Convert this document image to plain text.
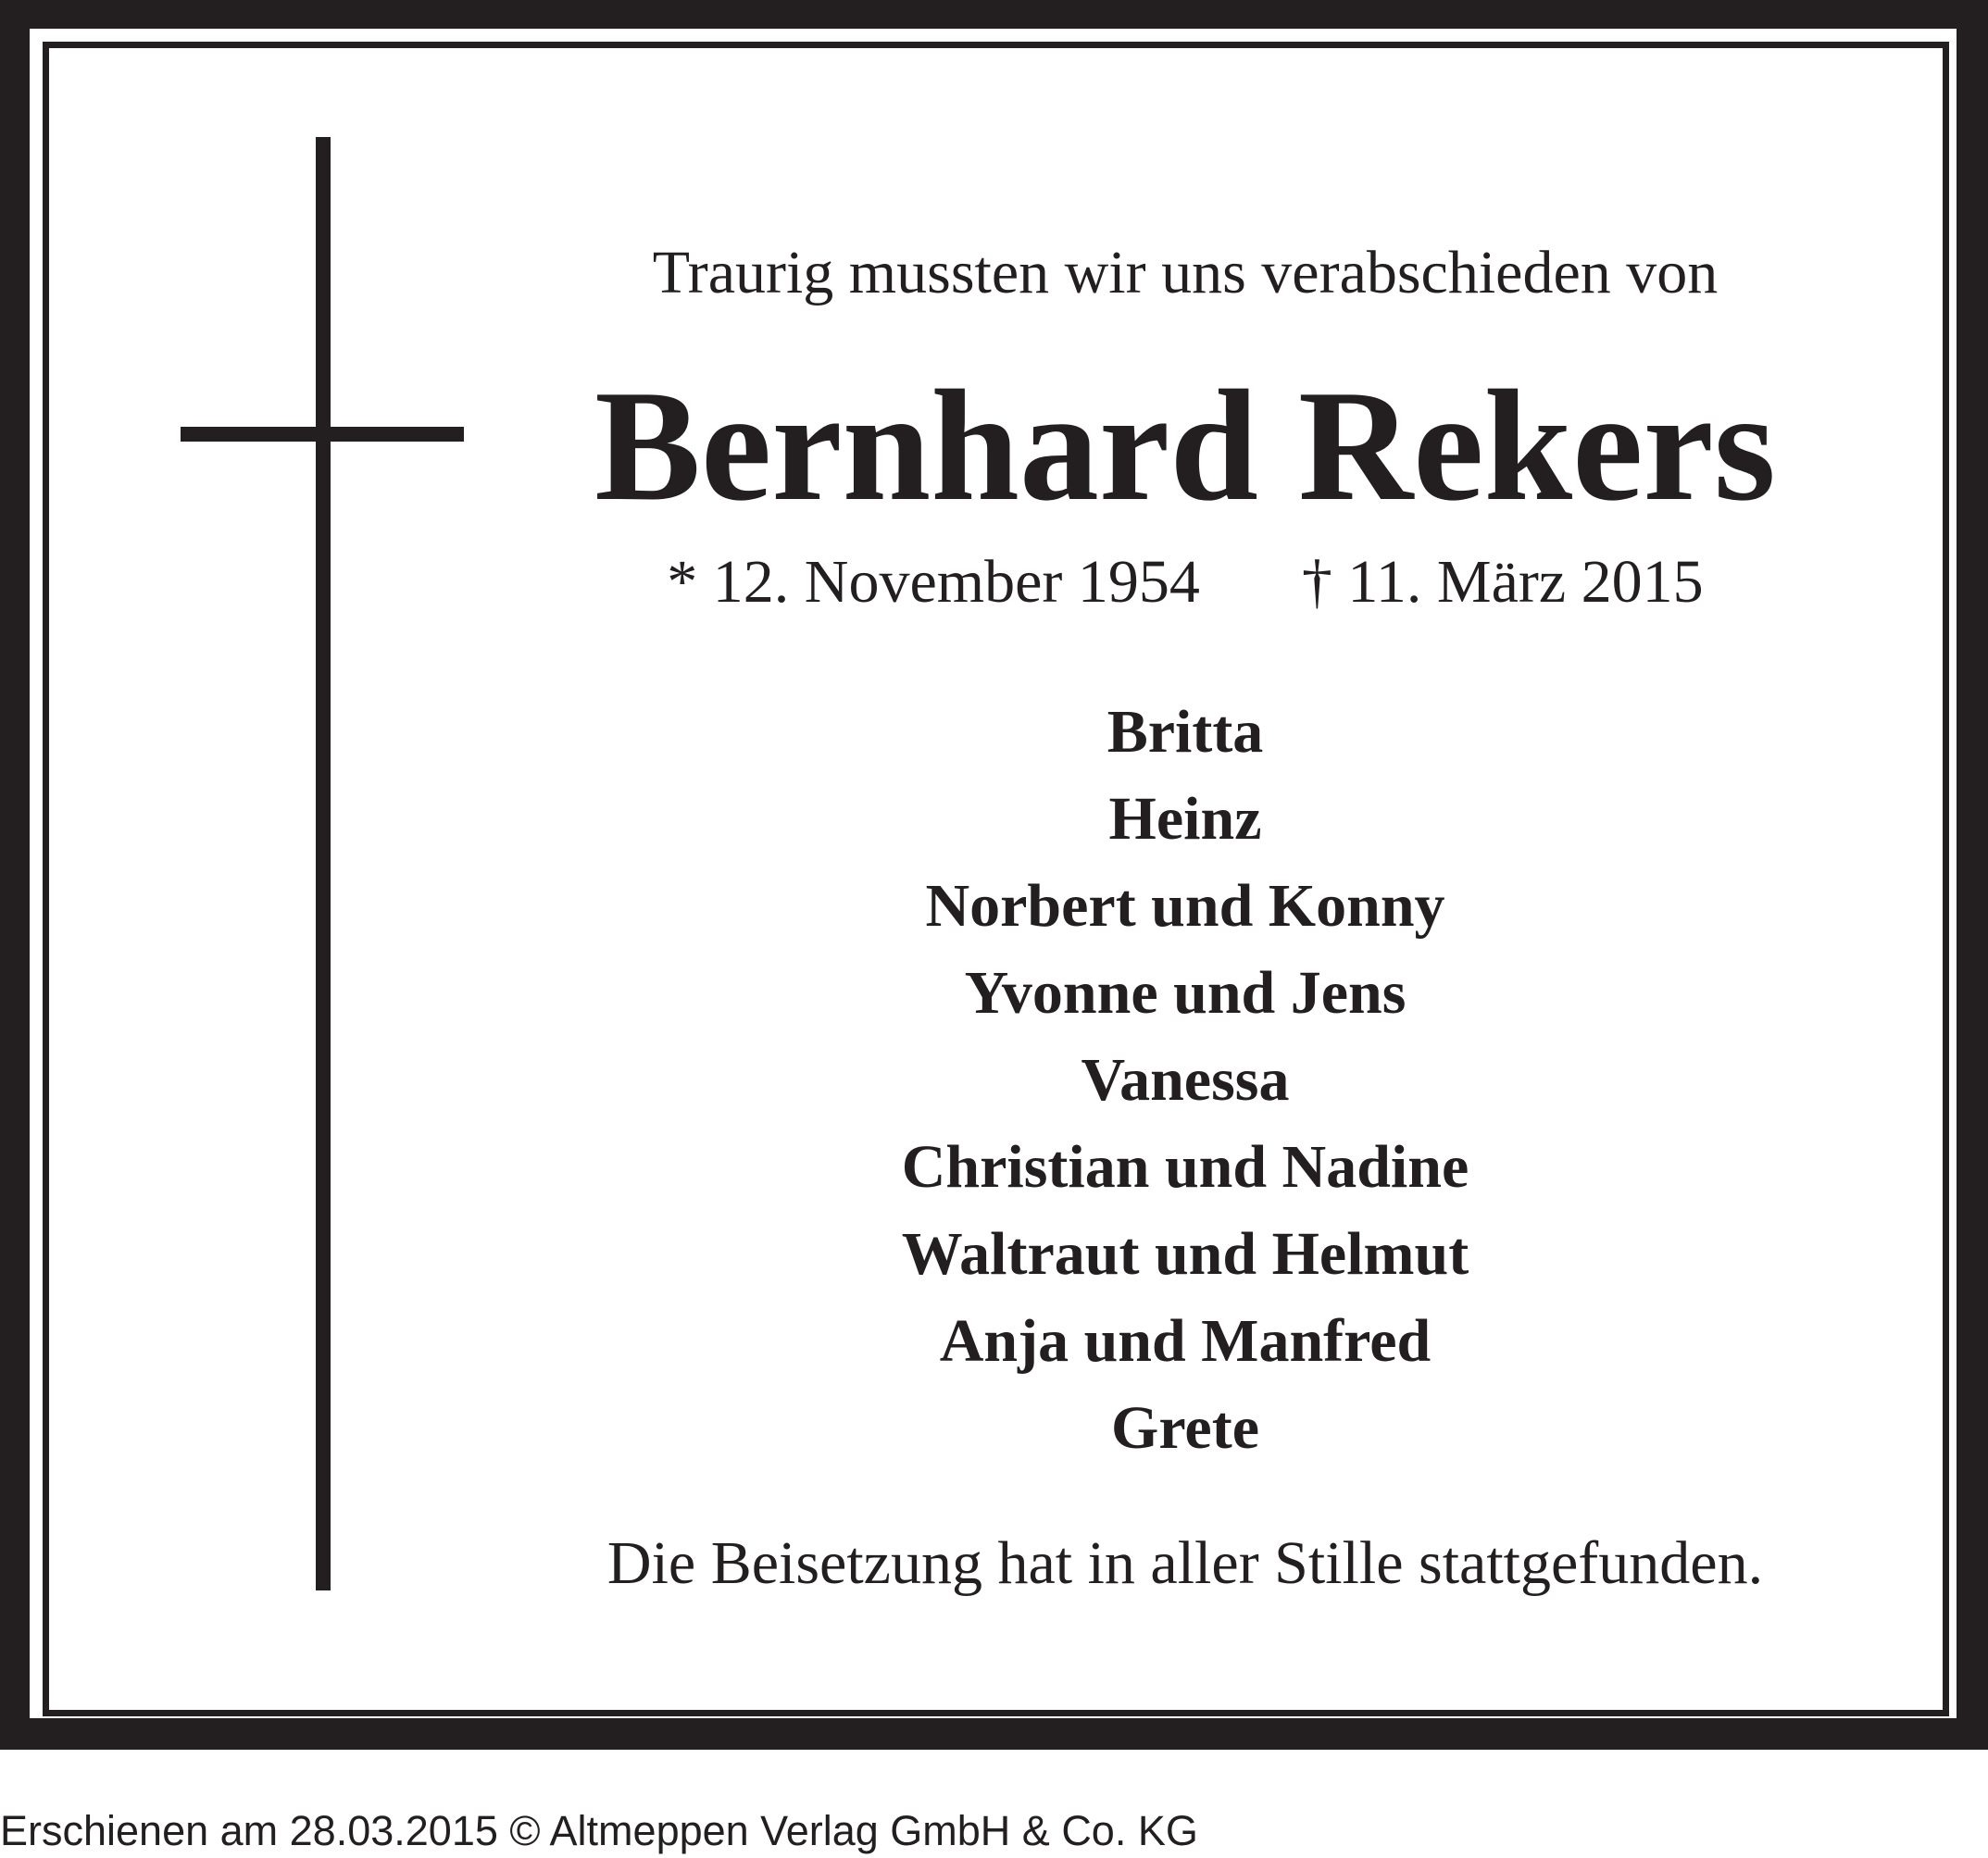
Traurig mussten wir uns verabschieden von
Bernhard Rekers
* 12. November 1954 † 11. März 2015
Britta
Heinz
Norbert und Konny
Yvonne und Jens
Vanessa
Christian und Nadine
Waltraut und Helmut
Anja und Manfred
Grete
Die Beisetzung hat in aller Stille stattgefunden.
Erschienen am 28.03.2015 © Altmeppen Verlag GmbH & Co. KG
